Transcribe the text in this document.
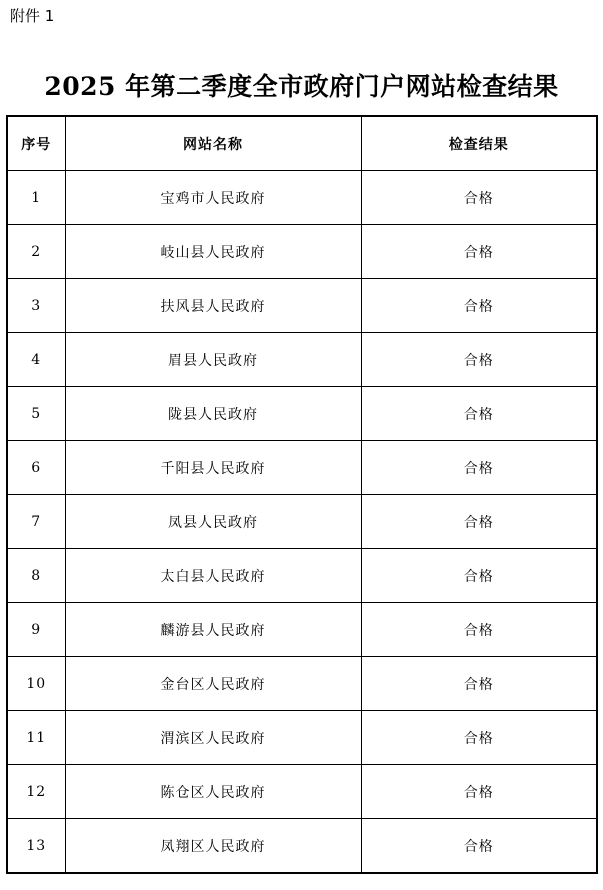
附件 1
2025 年第二季度全市政府门户网站检查结果
序号	网站名称	检查结果
1	宝鸡市人民政府	合格
2	岐山县人民政府	合格
3	扶风县人民政府	合格
4	眉县人民政府	合格
5	陇县人民政府	合格
6	千阳县人民政府	合格
7	凤县人民政府	合格
8	太白县人民政府	合格
9	麟游县人民政府	合格
10	金台区人民政府	合格
11	渭滨区人民政府	合格
12	陈仓区人民政府	合格
13	凤翔区人民政府	合格
